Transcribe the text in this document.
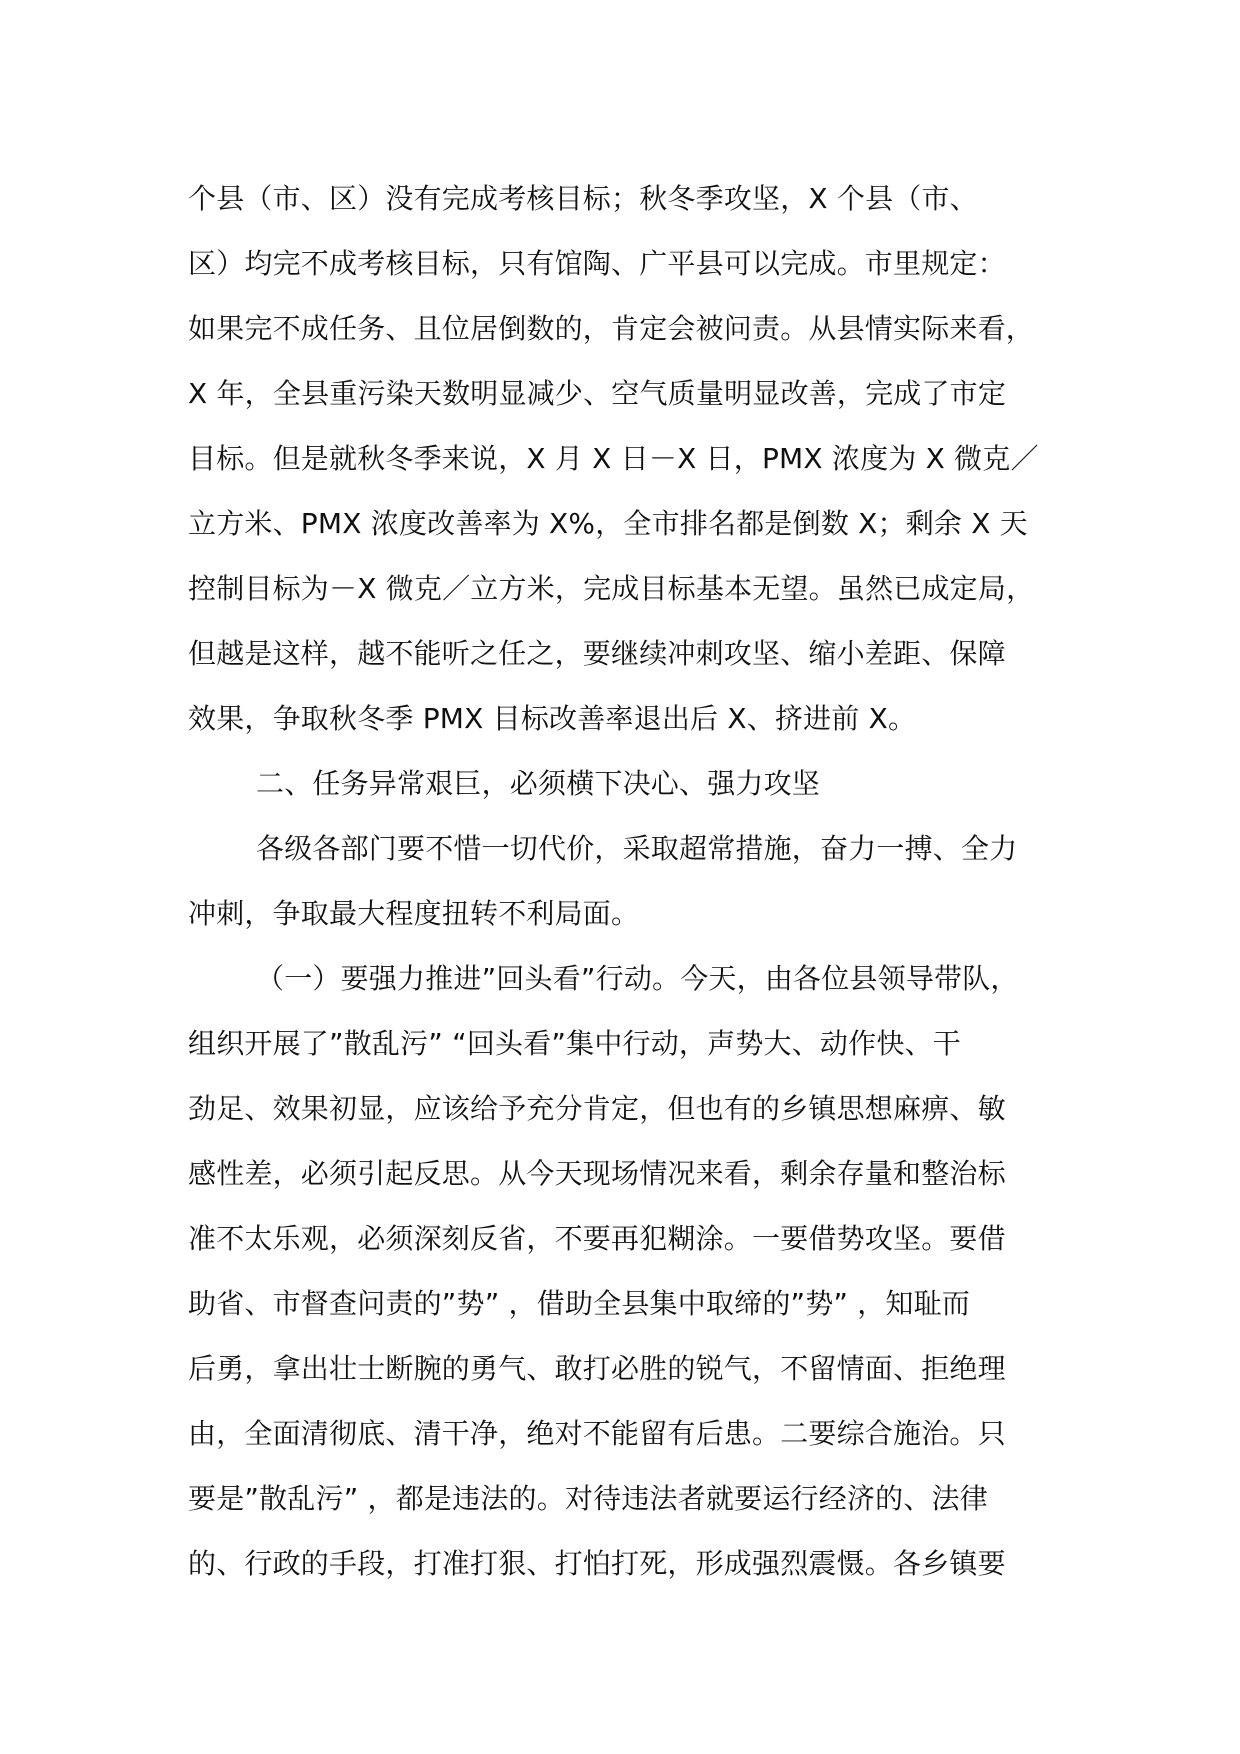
个县（市、区）没有完成考核目标；秋冬季攻坚，X 个县（市、
区）均完不成考核目标，只有馆陶、广平县可以完成。市里规定：
如果完不成任务、且位居倒数的，肯定会被问责。从县情实际来看，
X 年，全县重污染天数明显减少、空气质量明显改善，完成了市定
目标。但是就秋冬季来说，X 月 X 日－X 日，PMX 浓度为 X 微克／
立方米、PMX 浓度改善率为 X%，全市排名都是倒数 X；剩余 X 天
控制目标为－X 微克／立方米，完成目标基本无望。虽然已成定局，
但越是这样，越不能听之任之，要继续冲刺攻坚、缩小差距、保障
效果，争取秋冬季 PMX 目标改善率退出后 X、挤进前 X。
二、任务异常艰巨，必须横下决心、强力攻坚
各级各部门要不惜一切代价，采取超常措施，奋力一搏、全力
冲刺，争取最大程度扭转不利局面。
（一）要强力推进”回头看”行动。今天，由各位县领导带队，
组织开展了”散乱污” “回头看”集中行动，声势大、动作快、干
劲足、效果初显，应该给予充分肯定，但也有的乡镇思想麻痹、敏
感性差，必须引起反思。从今天现场情况来看，剩余存量和整治标
准不太乐观，必须深刻反省，不要再犯糊涂。一要借势攻坚。要借
助省、市督查问责的”势” ，借助全县集中取缔的”势” ，知耻而
后勇，拿出壮士断腕的勇气、敢打必胜的锐气，不留情面、拒绝理
由，全面清彻底、清干净，绝对不能留有后患。二要综合施治。只
要是”散乱污” ，都是违法的。对待违法者就要运行经济的、法律
的、行政的手段，打准打狠、打怕打死，形成强烈震慑。各乡镇要
